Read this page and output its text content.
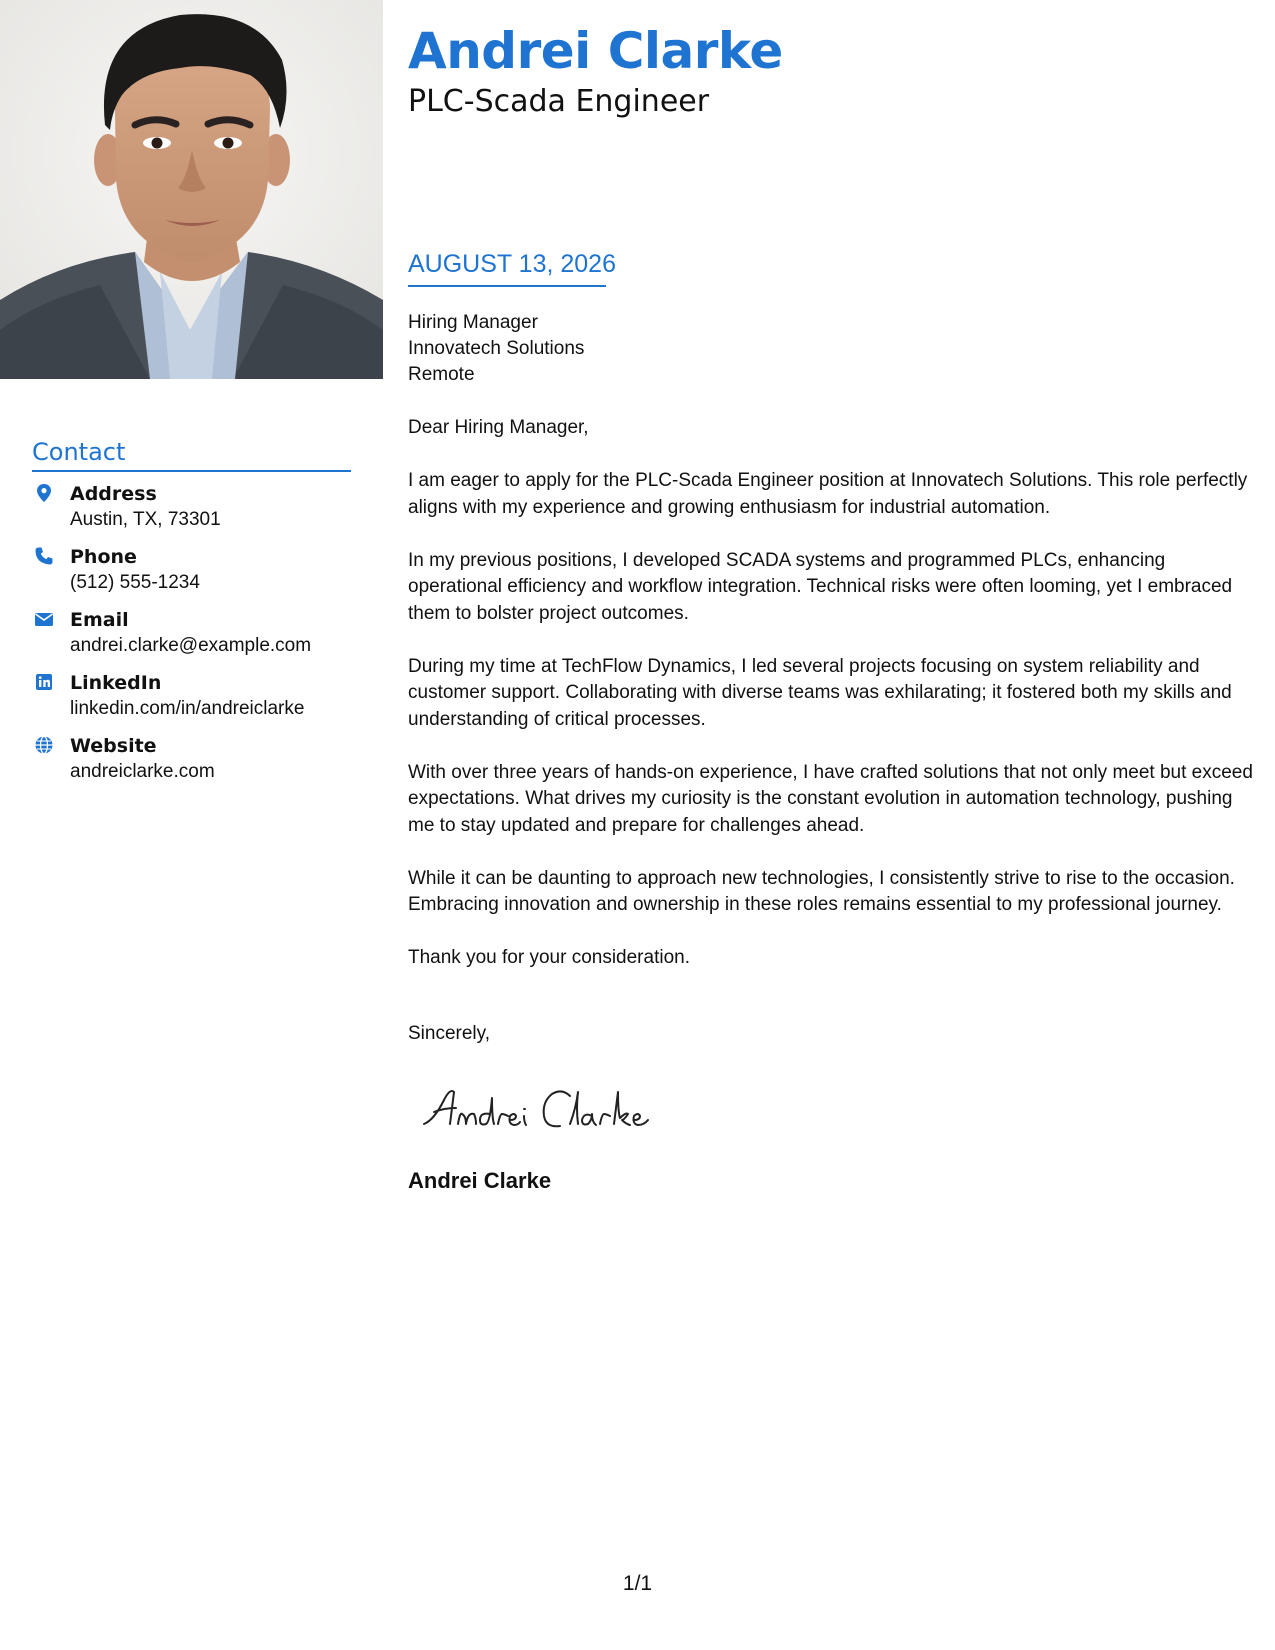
Contact
Address
Austin, TX, 73301
Phone
(512) 555-1234
Email
andrei.clarke@example.com
LinkedIn
linkedin.com/in/andreiclarke
Website
andreiclarke.com
Andrei Clarke
PLC-Scada Engineer
AUGUST 13, 2026
Hiring Manager
Innovatech Solutions
Remote

Dear Hiring Manager,

I am eager to apply for the PLC-Scada Engineer position at Innovatech Solutions. This role perfectly aligns with my experience and growing enthusiasm for industrial automation.

In my previous positions, I developed SCADA systems and programmed PLCs, enhancing operational efficiency and workflow integration. Technical risks were often looming, yet I embraced them to bolster project outcomes.

During my time at TechFlow Dynamics, I led several projects focusing on system reliability and customer support. Collaborating with diverse teams was exhilarating; it fostered both my skills and understanding of critical processes.

With over three years of hands-on experience, I have crafted solutions that not only meet but exceed expectations. What drives my curiosity is the constant evolution in automation technology, pushing me to stay updated and prepare for challenges ahead.

While it can be daunting to approach new technologies, I consistently strive to rise to the occasion. Embracing innovation and ownership in these roles remains essential to my professional journey.

Thank you for your consideration.

Sincerely,
Andrei Clarke
1/1
